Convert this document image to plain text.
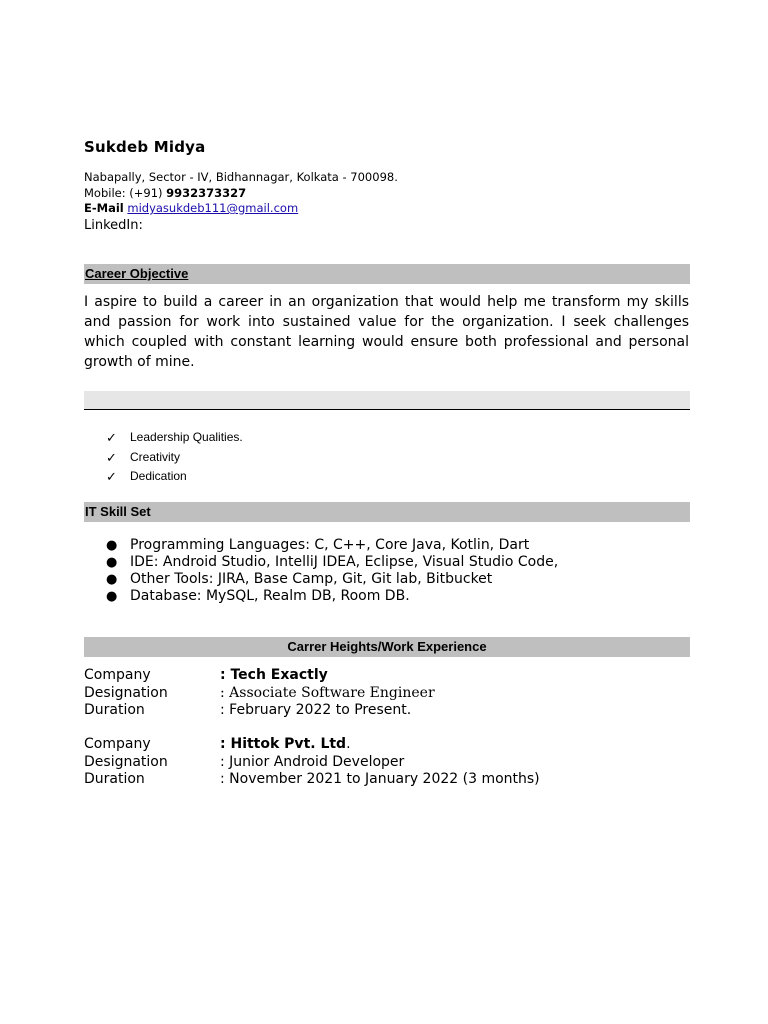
Sukdeb Midya
Nabapally, Sector - IV, Bidhannagar, Kolkata - 700098.
Mobile: (+91) 9932373327
E-Mail midyasukdeb111@gmail.com
LinkedIn:
Career Objective
I aspire to build a career in an organization that would help me transform my skills and passion for work into sustained value for the organization. I seek challenges which coupled with constant learning would ensure both professional and personal growth of mine.
✓	Leadership Qualities.
✓	Creativity
✓	Dedication
IT Skill Set
● Programming Languages: C, C++, Core Java, Kotlin, Dart
● IDE: Android Studio, IntelliJ IDEA, Eclipse, Visual Studio Code,
● Other Tools: JIRA, Base Camp, Git, Git lab, Bitbucket
● Database: MySQL, Realm DB, Room DB.
Carrer Heights/Work Experience
Company	: Tech Exactly
Designation	: Associate Software Engineer
Duration	: February 2022 to Present.
Company	: Hittok Pvt. Ltd .
Designation	: Junior Android Developer
Duration	: November 2021 to January 2022 (3 months)
